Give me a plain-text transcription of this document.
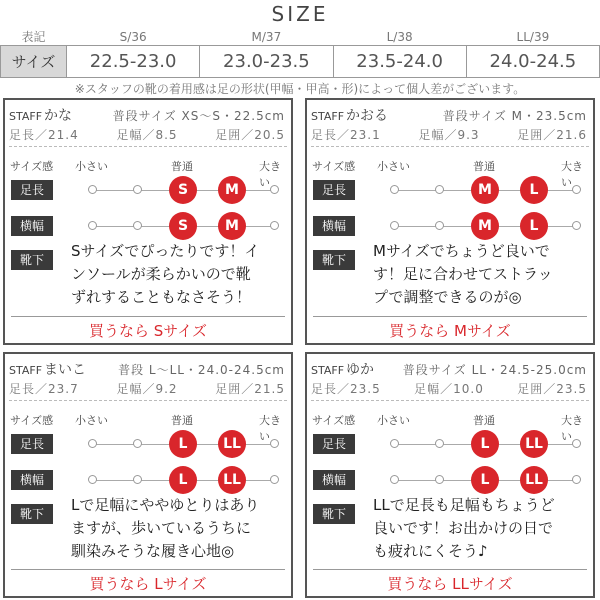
SIZE
表記	S/36	M/37	L/38	LL/39
サイズ	22.5-23.0	23.0-23.5	23.5-24.0	24.0-24.5
※スタッフの靴の着用感は足の形状(甲幅・甲高・形)によって個人差がございます。
STAFF かな	普段サイズ XS〜S・22.5cm
足長／21.4	足幅／8.5	足囲／20.5
サイズ感 小さい	普通	大きい
足長	S	M
横幅	S	M
靴下	Sサイズでぴったりです！イ
ンソールが柔らかいので靴
ずれすることもなさそう！
買うなら Sサイズ
STAFF かおる	普段サイズ M・23.5cm
足長／23.1	足幅／9.3	足囲／21.6
サイズ感 小さい	普通	大きい
足長	M	L
横幅	M	L
靴下	Mサイズでちょうど良いで
す！足に合わせてストラッ
プで調整できるのが◎
買うなら Mサイズ
STAFF まいこ	普段 L〜LL・24.0-24.5cm
足長／23.7	足幅／9.2	足囲／21.5
サイズ感 小さい	普通	大きい
足長	L	LL
横幅	L	LL
靴下	Lで足幅にややゆとりはあり
ますが、歩いているうちに
馴染みそうな履き心地◎
買うなら Lサイズ
STAFF ゆか 普段サイズ LL・24.5-25.0cm
足長／23.5	足幅／10.0	足囲／23.5
サイズ感 小さい	普通	大きい
足長	L	LL
横幅	L	LL
靴下	LLで足長も足幅もちょうど
良いです！お出かけの日で
も疲れにくそう♪
買うなら LLサイズ
